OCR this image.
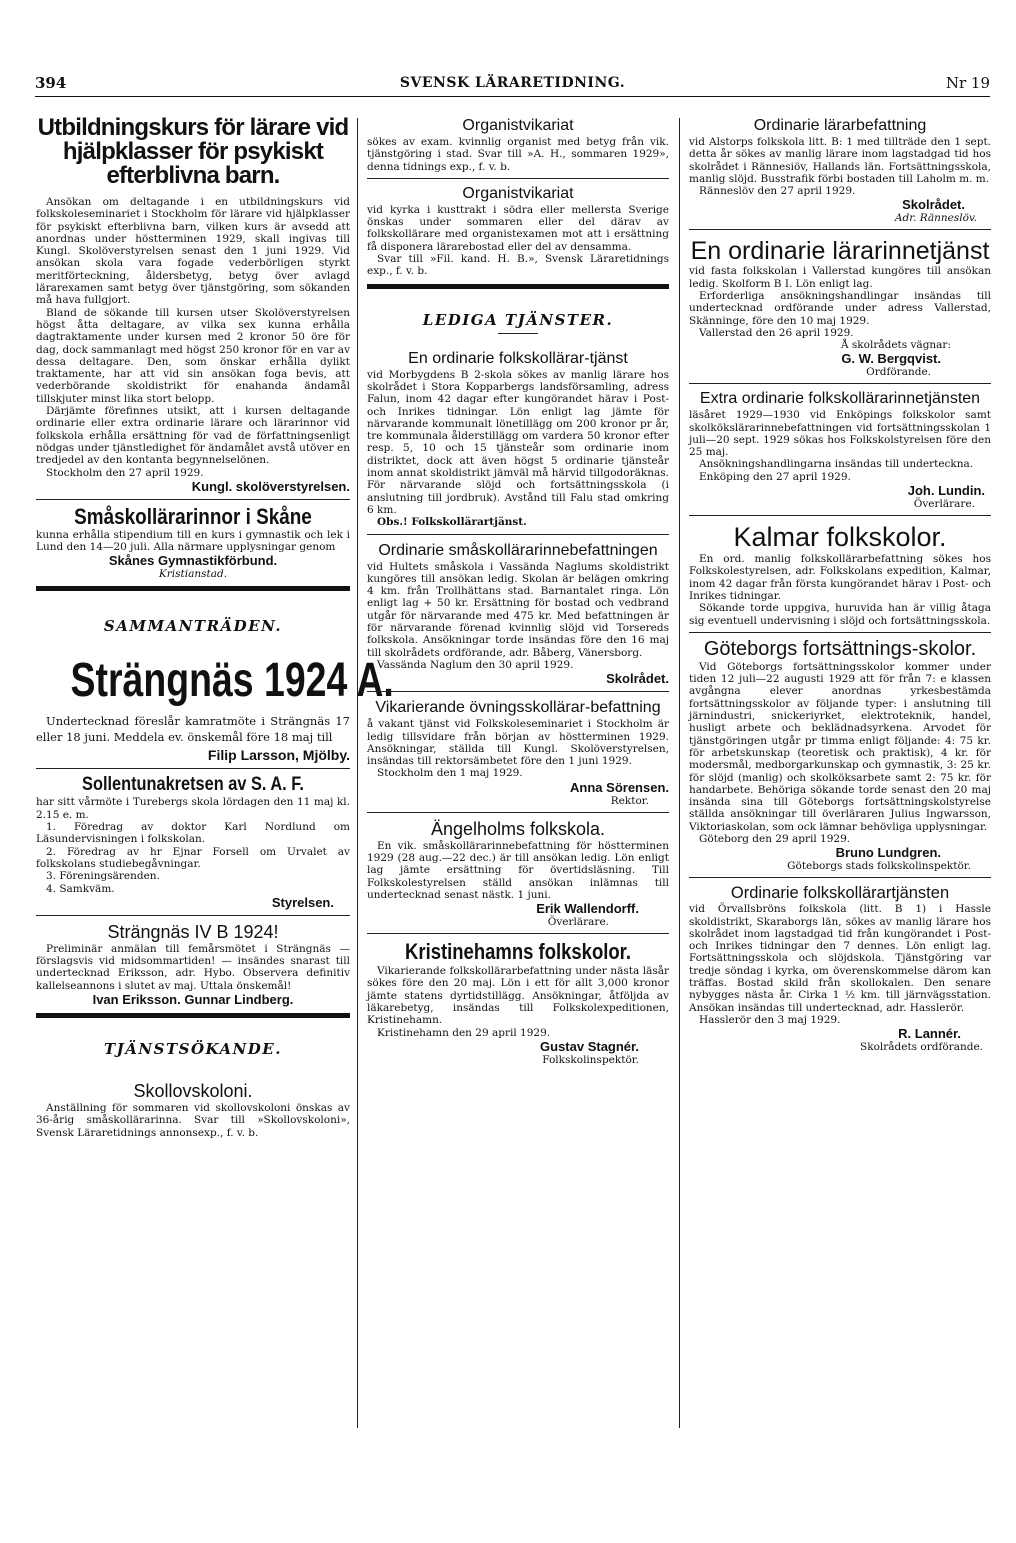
394	SVENSK LÄRARETIDNING.	Nr 19

Utbildningskurs för lärare vid hjälpklasser för psykiskt efterblivna barn.

Ansökan om deltagande i en utbildningskurs vid folkskoleseminariet i Stockholm för lärare vid hjälpklasser för psykiskt efterblivna barn, vilken kurs är avsedd att anordnas under höstterminen 1929, skall ingivas till Kungl. Skolöverstyrelsen senast den 1 juni 1929. Vid ansökan skola vara fogade vederbörligen styrkt meritförteckning, åldersbetyg, betyg över avlagd lärarexamen samt betyg över tjänstgöring, som sökanden må hava fullgjort.

Bland de sökande till kursen utser Skolöverstyrelsen högst åtta deltagare, av vilka sex kunna erhålla dagtraktamente under kursen med 2 kronor 50 öre för dag, dock sammanlagt med högst 250 kronor för en var av dessa deltagare. Den, som önskar erhålla dylikt traktamente, har att vid sin ansökan foga bevis, att vederbörande skoldistrikt för enahanda ändamål tillskjuter minst lika stort belopp.

Därjämte förefinnes utsikt, att i kursen deltagande ordinarie eller extra ordinarie lärare och lärarinnor vid folkskola erhålla ersättning för vad de författningsenligt nödgas under tjänstledighet för ändamålet avstå utöver en tredjedel av den kontanta begynnelselönen.

Stockholm den 27 april 1929.

Kungl. skolöverstyrelsen.

Småskollärarinnor i Skåne

kunna erhålla stipendium till en kurs i gymnastik och lek i Lund den 14—20 juli. Alla närmare upplysningar genom

Skånes Gymnastikförbund.

Kristianstad.

SAMMANTRÄDEN.

Strängnäs 1924 A.

Undertecknad föreslår kamratmöte i Strängnäs 17 eller 18 juni. Meddela ev. önskemål före 18 maj till

Filip Larsson, Mjölby.

Sollentunakretsen av S. A. F.

har sitt vårmöte i Turebergs skola lördagen den 11 maj kl. 2.15 e. m.

1. Föredrag av doktor Karl Nordlund om Läsundervisningen i folkskolan.

2. Föredrag av hr Ejnar Forsell om Urvalet av folkskolans studiebegåvningar.

3. Föreningsärenden.

4. Samkväm.

Styrelsen.

Strängnäs IV B 1924!

Preliminär anmälan till femårsmötet i Strängnäs — förslagsvis vid midsommartiden! — insändes snarast till undertecknad Eriksson, adr. Hybo. Observera definitiv kallelseannons i slutet av maj. Uttala önskemål!

Ivan Eriksson. Gunnar Lindberg.

TJÄNSTSÖKANDE.

Skollovskoloni.

Anställning för sommaren vid skollovskoloni önskas av 36-årig småskollärarinna. Svar till »Skollovskoloni», Svensk Läraretidnings annonsexp., f. v. b.

Organistvikariat

sökes av exam. kvinnlig organist med betyg från vik. tjänstgöring i stad. Svar till »A. H., sommaren 1929», denna tidnings exp., f. v. b.

Organistvikariat

vid kyrka i kusttrakt i södra eller mellersta Sverige önskas under sommaren eller del därav av folkskollärare med organistexamen mot att i ersättning få disponera lärarebostad eller del av densamma.

Svar till »Fil. kand. H. B.», Svensk Läraretidnings exp., f. v. b.

LEDIGA TJÄNSTER.

En ordinarie folkskollärar-tjänst

vid Morbygdens B 2-skola sökes av manlig lärare hos skolrådet i Stora Kopparbergs landsförsamling, adress Falun, inom 42 dagar efter kungörandet härav i Post- och Inrikes tidningar. Lön enligt lag jämte för närvarande kommunalt lönetillägg om 200 kronor pr år, tre kommunala ålderstillägg om vardera 50 kronor efter resp. 5, 10 och 15 tjänsteår som ordinarie inom distriktet, dock att även högst 5 ordinarie tjänsteår inom annat skoldistrikt jämväl må härvid tillgodoräknas. För närvarande slöjd och fortsättningsskola (i anslutning till jordbruk). Avstånd till Falu stad omkring 6 km.

Obs.! Folkskollärartjänst.

Ordinarie småskollärarinnebefattningen

vid Hultets småskola i Vassända Naglums skoldistrikt kungöres till ansökan ledig. Skolan är belägen omkring 4 km. från Trollhättans stad. Barnantalet ringa. Lön enligt lag + 50 kr. Ersättning för bostad och vedbrand utgår för närvarande med 475 kr. Med befattningen är för närvarande förenad kvinnlig slöjd vid Torsereds folkskola. Ansökningar torde insändas före den 16 maj till skolrådets ordförande, adr. Båberg, Vänersborg.

Vassända Naglum den 30 april 1929.

Skolrådet.

Vikarierande övningsskollärar-befattning

å vakant tjänst vid Folkskoleseminariet i Stockholm är ledig tillsvidare från början av höstterminen 1929. Ansökningar, ställda till Kungl. Skolöverstyrelsen, insändas till rektorsämbetet före den 1 juni 1929.

Stockholm den 1 maj 1929.

Anna Sörensen.

Rektor.

Ängelholms folkskola.

En vik. småskollärarinnebefattning för höstterminen 1929 (28 aug.—22 dec.) är till ansökan ledig. Lön enligt lag jämte ersättning för övertidsläsning. Till Folkskolestyrelsen ställd ansökan inlämnas till undertecknad senast nästk. 1 juni.

Erik Wallendorff.

Överlärare.

Kristinehamns folkskolor.

Vikarierande folkskollärarbefattning under nästa läsår sökes före den 20 maj. Lön i ett för allt 3,000 kronor jämte statens dyrtidstillägg. Ansökningar, åtföljda av läkarebetyg, insändas till Folkskolexpeditionen, Kristinehamn.

Kristinehamn den 29 april 1929.

Gustav Stagnér.

Folkskolinspektör.

Ordinarie lärarbefattning

vid Alstorps folkskola litt. B: 1 med tillträde den 1 sept. detta år sökes av manlig lärare inom lagstadgad tid hos skolrådet i Rännesiöv, Hallands län. Fortsättningsskola, manlig slöjd. Busstrafik förbi bostaden till Laholm m. m.

Ränneslöv den 27 april 1929.

Skolrådet.

Adr. Ränneslöv.

En ordinarie lärarinnetjänst

vid fasta folkskolan i Vallerstad kungöres till ansökan ledig. Skolform B I. Lön enligt lag.

Erforderliga ansökningshandlingar insändas till undertecknad ordförande under adress Vallerstad, Skänninge, före den 10 maj 1929.

Vallerstad den 26 april 1929.

Å skolrådets vägnar:

G. W. Bergqvist.

Ordförande.

Extra ordinarie folkskollärarinnetjänsten

läsåret 1929—1930 vid Enköpings folkskolor samt skolkökslärarinnebefattningen vid fortsättningsskolan 1 juli—20 sept. 1929 sökas hos Folkskolstyrelsen före den 25 maj.

Ansökningshandlingarna insändas till underteckna.

Enköping den 27 april 1929.

Joh. Lundin.

Överlärare.

Kalmar folkskolor.

En ord. manlig folkskollärarbefattning sökes hos Folkskolestyrelsen, adr. Folkskolans expedition, Kalmar, inom 42 dagar från första kungörandet härav i Post- och Inrikes tidningar.

Sökande torde uppgiva, huruvida han är villig åtaga sig eventuell undervisning i slöjd och fortsättningsskola.

Göteborgs fortsättnings-skolor.

Vid Göteborgs fortsättningsskolor kommer under tiden 12 juli—22 augusti 1929 att för från 7: e klassen avgångna elever anordnas yrkesbestämda fortsättningsskolor av följande typer: i anslutning till järnindustri, snickeriyrket, elektroteknik, handel, husligt arbete och beklädnadsyrkena. Arvodet för tjänstgöringen utgår pr timma enligt följande: 4: 75 kr. för arbetskunskap (teoretisk och praktisk), 4 kr. för modersmål, medborgarkunskap och gymnastik, 3: 25 kr. för slöjd (manlig) och skolköksarbete samt 2: 75 kr. för handarbete. Behöriga sökande torde senast den 20 maj insända sina till Göteborgs fortsättningskolstyrelse ställda ansökningar till överläraren Julius Ingwarsson, Viktoriaskolan, som ock lämnar behövliga upplysningar.

Göteborg den 29 april 1929.

Bruno Lundgren.

Göteborgs stads folkskolinspektör.

Ordinarie folkskollärartjänsten

vid Örvallsbröns folkskola (litt. B 1) i Hassle skoldistrikt, Skaraborgs län, sökes av manlig lärare hos skolrådet inom lagstadgad tid från kungörandet i Post- och Inrikes tidningar den 7 dennes. Lön enligt lag. Fortsättningsskola och slöjdskola. Tjänstgöring var tredje söndag i kyrka, om överenskommelse därom kan träffas. Bostad skild från skollokalen. Den senare nybygges nästa år. Cirka 1 ½ km. till järnvägsstation. Ansökan insändas till undertecknad, adr. Hasslerör.

Hasslerör den 3 maj 1929.

R. Lannér.

Skolrådets ordförande.
